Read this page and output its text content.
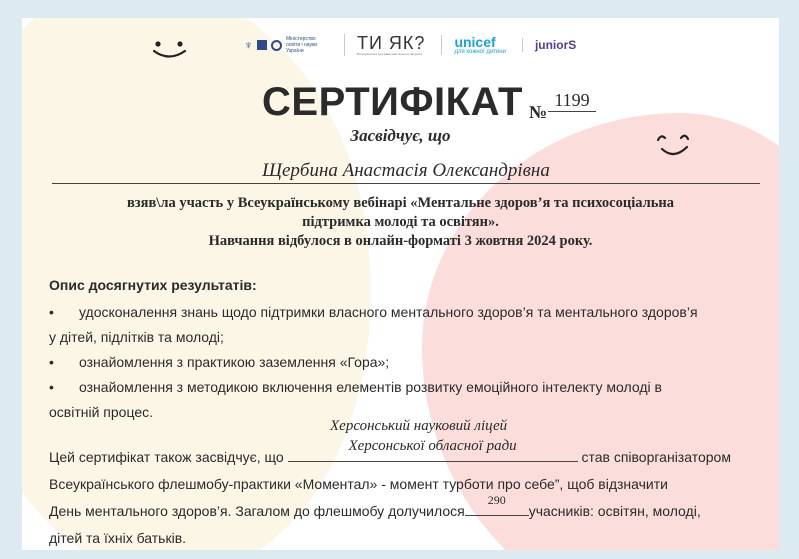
♆	Міністерство освіти і науки України	ТИ ЯК?
Всеукраїнська програма ментального здоров'я
unicef
для кожної дитини	juniorS
СЕРТИФІКАТ №
1199
Засвідчує, що
Щербина Анастасія Олександрівна
взяв\ла участь у Всеукраїнському вебінарі «Ментальне здоров’я та психосоціальна
підтримка молоді та освітян».
Навчання відбулося в онлайн-форматі 3 жовтня 2024 року.
Опис досягнутих результатів:
• удосконалення знань щодо підтримки власного ментального здоров’я та ментального здоров’я
у дітей, підлітків та молоді;
• ознайомлення з практикою заземлення «Гора»;
• ознайомлення з методикою включення елементів розвитку емоційного інтелекту молоді в
освітній процес.
Херсонський науковий ліцей
Цей сертифікат також засвідчує, що
Херсонської обласної ради
став співорганізатором
Всеукраїнського флешмобу-практики «Моментал» - момент турботи про себе”, щоб відзначити
День ментального здоров’я. Загалом до флешмобу долучилося
290
учасників: освітян, молоді,
дітей та їхніх батьків.
